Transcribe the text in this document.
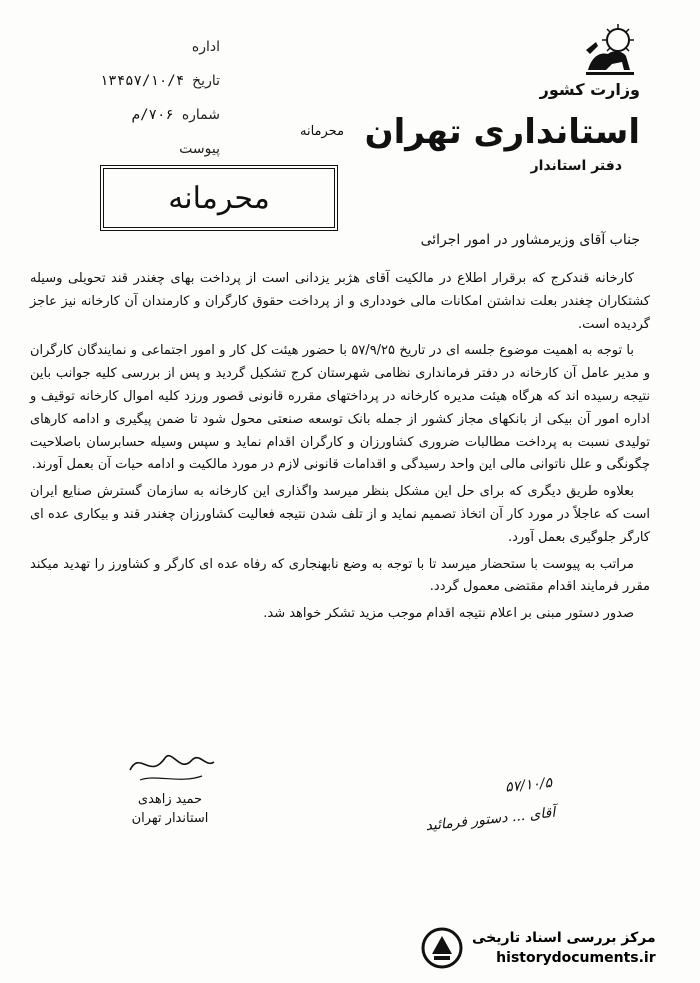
اداره
تاریخ
۱۳۴۵۷/۱۰/۴
شماره
۷۰۶/م
پیوست
وزارت کشور
استانداری تهران
دفتر استاندار
محرمانه
محرمانه
جناب آقای وزیرمشاور در امور اجرائی

کارخانه قندکرج که برقرار اطلاع در مالکیت آقای هژبر یزدانی است از پرداخت بهای چغندر قند تحویلی وسیله کشتکاران چغندر بعلت نداشتن امکانات مالی خودداری و از پرداخت حقوق کارگران و کارمندان آن کارخانه نیز عاجز گردیده است.

با توجه به اهمیت موضوع جلسه ای در تاریخ ۵۷/۹/۲۵ با حضور هیئت کل کار و امور اجتماعی و نمایندگان کارگران و مدیر عامل آن کارخانه در دفتر فرمانداری نظامی شهرستان کرج تشکیل گردید و پس از بررسی کلیه جوانب باین نتیجه رسیده اند که هرگاه هیئت مدیره کارخانه در پرداختهای مقرره قانونی قصور ورزد کلیه اموال کارخانه توقیف و اداره امور آن بیکی از بانکهای مجاز کشور از جمله بانک توسعه صنعتی محول شود تا ضمن پیگیری و ادامه کارهای تولیدی نسبت به پرداخت مطالبات ضروری کشاورزان و کارگران اقدام نماید و سپس وسیله حسابرسان باصلاحیت چگونگی و علل ناتوانی مالی این واحد رسیدگی و اقدامات قانونی لازم در مورد مالکیت و ادامه حیات آن بعمل آورند.

بعلاوه طریق دیگری که برای حل این مشکل بنظر میرسد واگذاری این کارخانه به سازمان گسترش صنایع ایران است که عاجلاً در مورد کار آن اتخاذ تصمیم نماید و از تلف شدن نتیجه فعالیت کشاورزان چغندر قند و بیکاری عده ای کارگر جلوگیری بعمل آورد.

مراتب به پیوست با ستحضار میرسد تا با توجه به وضع نابهنجاری که رفاه عده ای کارگر و کشاورز را تهدید میکند مقرر فرمایند اقدام مقتضی معمول گردد.

صدور دستور مبنی بر اعلام نتیجه اقدام موجب مزید تشکر خواهد شد.

حمید زاهدی
استاندار تهران
۵۷/۱۰/۵
آقای ... دستور فرمائید
مرکز بررسی اسناد تاریخی
historydocuments.ir
